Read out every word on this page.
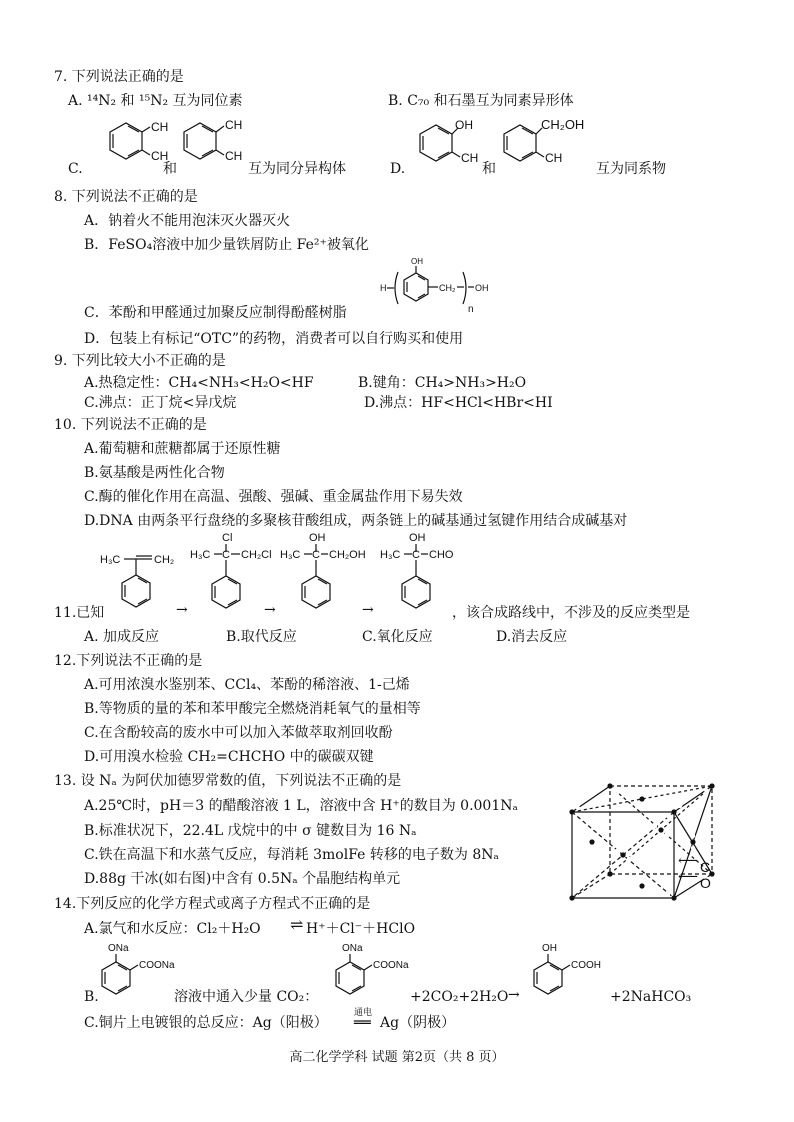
7. 下列说法正确的是
A. ¹⁴N₂ 和 ¹⁵N₂ 互为同位素	B. C₇₀ 和石墨互为同素异形体
C.
CH
CH
和
CH
CH
互为同分异构体	D.
OH
CH
和
CH₂OH
CH
互为同系物
8. 下列说法不正确的是
A．钠着火不能用泡沫灭火器灭火
B．FeSO₄溶液中加少量铁屑防止 Fe²⁺被氧化
H
OH
CH₂ OH
n
C．苯酚和甲醛通过加聚反应制得酚醛树脂
D．包装上有标记“OTC”的药物，消费者可以自行购买和使用
9. 下列比较大小不正确的是
A.热稳定性：CH₄<NH₃<H₂O<HF	B.键角：CH₄>NH₃>H₂O
C.沸点：正丁烷<异戊烷	D.沸点：HF<HCl<HBr<HI
10. 下列说法不正确的是
A.葡萄糖和蔗糖都属于还原性糖
B.氨基酸是两性化合物
C.酶的催化作用在高温、强酸、强碱、重金属盐作用下易失效
D.DNA 由两条平行盘绕的多聚核苷酸组成，两条链上的碱基通过氢键作用结合成碱基对
H₃C	CH₂
→
Cl
H₃C C CH₂Cl
→
OH
H₃C C CH₂OH
→
OH
H₃C C CHO
11.已知	，该合成路线中，不涉及的反应类型是
A. 加成反应	B.取代反应	C.氧化反应	D.消去反应
12.下列说法不正确的是
A.可用浓溴水鉴别苯、CCl₄、苯酚的稀溶液、1-己烯
B.等物质的量的苯和苯甲酸完全燃烧消耗氧气的量相等
C.在含酚较高的废水中可以加入苯做萃取剂回收酚
D.可用溴水检验 CH₂=CHCHO 中的碳碳双键
13. 设 Nₐ 为阿伏加德罗常数的值，下列说法不正确的是
A.25℃时，pH＝3 的醋酸溶液 1 L，溶液中含 H⁺的数目为 0.001Nₐ
B.标准状况下，22.4L 戊烷中的中 σ 键数目为 16 Nₐ
C.铁在高温下和水蒸气反应，每消耗 3molFe 转移的电子数为 8Nₐ
D.88g 干冰(如右图)中含有 0.5Nₐ 个晶胞结构单元
⟵ C
⟵ O
14.下列反应的化学方程式或离子方程式不正确的是
A.氯气和水反应：Cl₂＋H₂O ⇌ H⁺＋Cl⁻＋HClO
B.
ONa
COONa
溶液中通入少量 CO₂：
ONa
COONa
+2CO₂+2H₂O →
OH
COOH
+2NaHCO₃
C.铜片上电镀银的总反应：Ag（阳极）
通电
══ Ag（阴极）
高二化学学科 试题 第2页（共 8 页）
